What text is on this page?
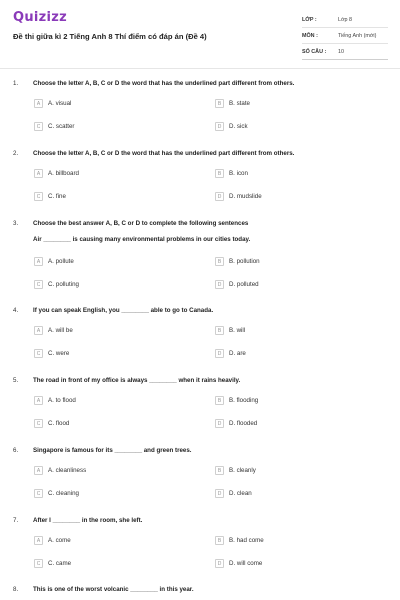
Quizizz
Đề thi giữa kì 2 Tiếng Anh 8 Thí điểm có đáp án (Đề 4)
LỚP :	Lớp 8
MÔN :	Tiếng Anh (mới)
SỐ CÂU :	10
1. Choose the letter A, B, C or D the word that has the underlined part different from others.
A	A. visual	B	B. state
C	C. scatter	D	D. sick
2. Choose the letter A, B, C or D the word that has the underlined part different from others.
A	A. billboard	B	B. icon
C	C. fine	D	D. mudslide
3. Choose the best answer A, B, C or D to complete the following sentences
Air ________ is causing many environmental problems in our cities today.
A	A. pollute	B	B. pollution
C	C. polluting	D	D. polluted
4. If you can speak English, you ________ able to go to Canada.
A	A. will be	B	B. will
C	C. were	D	D. are
5. The road in front of my office is always ________ when it rains heavily.
A	A. to flood	B	B. flooding
C	C. flood	D	D. flooded
6. Singapore is famous for its ________ and green trees.
A	A. cleanliness	B	B. cleanly
C	C. cleaning	D	D. clean
7. After I ________ in the room, she left.
A	A. come	B	B. had come
C	C. came	D	D. will come
8. This is one of the worst volcanic ________ in this year.
